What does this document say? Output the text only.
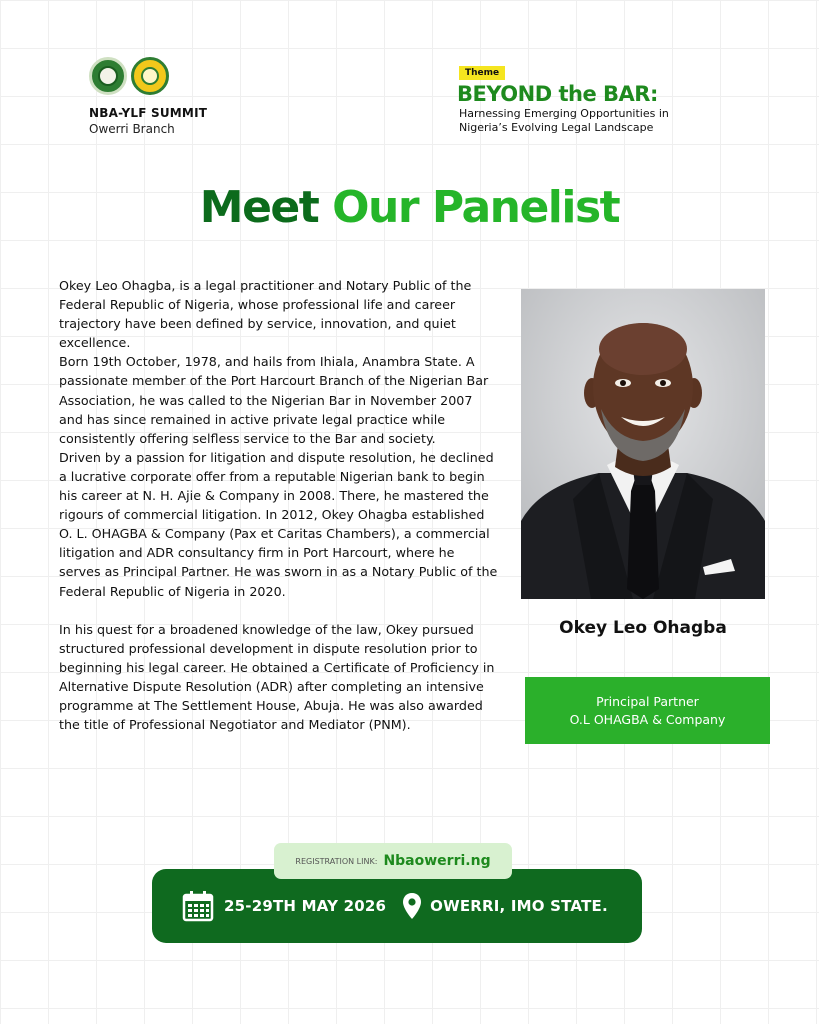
NBA-YLF SUMMIT
Owerri Branch
Theme
BEYOND the BAR:
Harnessing Emerging Opportunities in
Nigeria’s Evolving Legal Landscape
Meet Our Panelist

Okey Leo Ohagba, is a legal practitioner and Notary Public of the Federal Republic of Nigeria, whose professional life and career trajectory have been defined by service, innovation, and quiet excellence.

Born 19th October, 1978, and hails from Ihiala, Anambra State. A passionate member of the Port Harcourt Branch of the Nigerian Bar Association, he was called to the Nigerian Bar in November 2007 and has since remained in active private legal practice while consistently offering selfless service to the Bar and society.

Driven by a passion for litigation and dispute resolution, he declined a lucrative corporate offer from a reputable Nigerian bank to begin his career at N. H. Ajie & Company in 2008. There, he mastered the rigours of commercial litigation. In 2012, Okey Ohagba established O. L. OHAGBA & Company (Pax et Caritas Chambers), a commercial litigation and ADR consultancy firm in Port Harcourt, where he serves as Principal Partner. He was sworn in as a Notary Public of the Federal Republic of Nigeria in 2020.

In his quest for a broadened knowledge of the law, Okey pursued structured professional development in dispute resolution prior to beginning his legal career. He obtained a Certificate of Proficiency in Alternative Dispute Resolution (ADR) after completing an intensive programme at The Settlement House, Abuja. He was also awarded the title of Professional Negotiator and Mediator (PNM).

Okey Leo Ohagba
Principal Partner
O.L OHAGBA & Company
25-29TH MAY 2026	OWERRI, IMO STATE.
REGISTRATION LINK: Nbaowerri.ng
